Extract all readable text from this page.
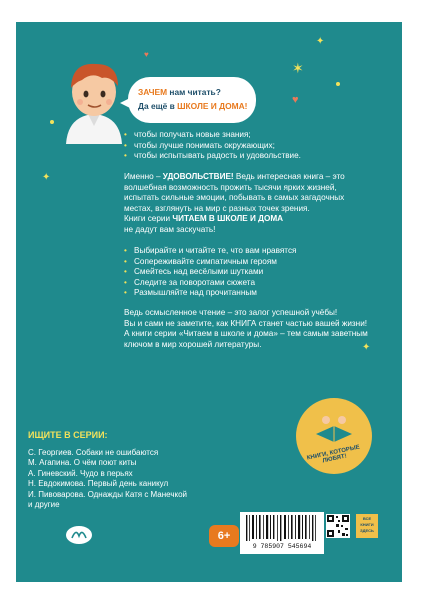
ЗАЧЕМ нам читать?

Да ещё в ШКОЛЕ И ДОМА!

✶
✦
✦
✦
♥
♥
• чтобы получать новые знания;
• чтобы лучше понимать окружающих;
• чтобы испытывать радость и удовольствие.
Именно – УДОВОЛЬСТВИЕ! Ведь интересная книга – это
волшебная возможность прожить тысячи ярких жизней,
испытать сильные эмоции, побывать в самых загадочных
местах, взглянуть на мир с разных точек зрения.
Книги серии ЧИТАЕМ В ШКОЛЕ И ДОМА
не дадут вам заскучать!
• Выбирайте и читайте те, что вам нравятся
• Сопереживайте симпатичным героям
• Смейтесь над весёлыми шутками
• Следите за поворотами сюжета
• Размышляйте над прочитанным
Ведь осмысленное чтение – это залог успешной учёбы!
Вы и сами не заметите, как КНИГА станет частью вашей жизни!
А книги серии «Читаем в школе и дома» – тем самым заветным
ключом в мир хорошей литературы.
ИЩИТЕ В СЕРИИ:
С. Георгиев. Собаки не ошибаются
М. Агапина. О чём поют киты
А. Гиневский. Чудо в перьях
Н. Евдокимова. Первый день каникул
И. Пивоварова. Однажды Катя с Манечкой
и другие
КНИГИ, КОТОРЫЕ ЛЮБЯТ!
6+
9 785907 545694
ВСЕ КНИГИ ЗДЕСЬ
